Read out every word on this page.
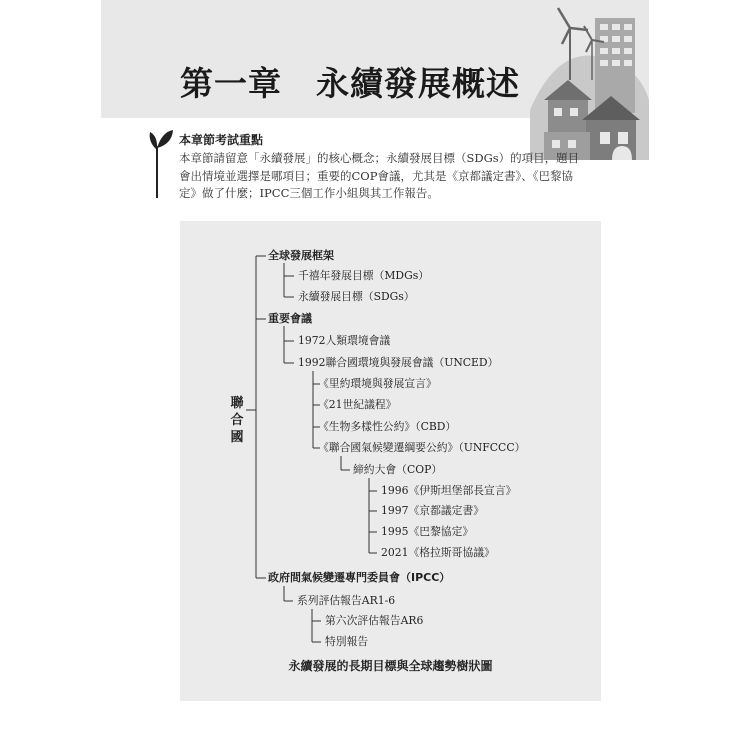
第一章　永續發展概述
本章節考試重點
本章節請留意「永續發展」的核心概念；永續發展目標（SDGs）的項目，題目
會出情境並選擇是哪項目；重要的COP會議，尤其是《京都議定書》、《巴黎協
定》做了什麼；IPCC三個工作小組與其工作報告。
聯合國
全球發展框架
千禧年發展目標（MDGs）
永續發展目標（SDGs）
重要會議
1972人類環境會議
1992聯合國環境與發展會議（UNCED）
《里約環境與發展宣言》
《21世紀議程》
《生物多樣性公約》（CBD）
《聯合國氣候變遷綱要公約》（UNFCCC）
締約大會（COP）
1996《伊斯坦堡部長宣言》
1997《京都議定書》
1995《巴黎協定》
2021《格拉斯哥協議》
政府間氣候變遷專門委員會（IPCC）
系列評估報告AR1-6
第六次評估報告AR6
特別報告
永續發展的長期目標與全球趨勢樹狀圖
